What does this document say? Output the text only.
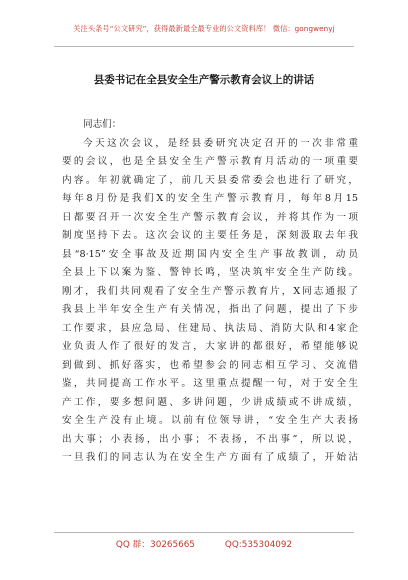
关注头条号“公文研究”，获得最新最全最专业的公文资料库！ 微信：gongwenyj
县委书记在全县安全生产警示教育会议上的讲话
同志们：
今天这次会议，是经县委研究决定召开的一次非常重
要的会议，也是全县安全生产警示教育月活动的一项重要
内容。年初就确定了，前几天县委常委会也进行了研究，
每年8月份是我们X的安全生产警示教育月，每年8月15
日都要召开一次安全生产警示教育会议，并将其作为一项
制度坚持下去。这次会议的主要任务是，深刻汲取去年我
县“8·15”安全事故及近期国内安全生产事故教训，动员
全县上下以案为鉴、警钟长鸣，坚决筑牢安全生产防线。
刚才，我们共同观看了安全生产警示教育片，X同志通报了
我县上半年安全生产有关情况，指出了问题，提出了下步
工作要求，县应急局、住建局、执法局、消防大队和4家企
业负责人作了很好的发言，大家讲的都很好，希望能够说
到做到、抓好落实，也希望参会的同志相互学习、交流借
鉴，共同提高工作水平。这里重点提醒一句，对于安全生
产工作，要多想问题、多讲问题，少讲成绩或不讲成绩，
安全生产没有止境。以前有位领导讲，“安全生产大表扬
出大事；小表扬，出小事；不表扬，不出事”，所以说，
一旦我们的同志认为在安全生产方面有了成绩了，开始沾
QQ 群：30265665	QQ:535304092
